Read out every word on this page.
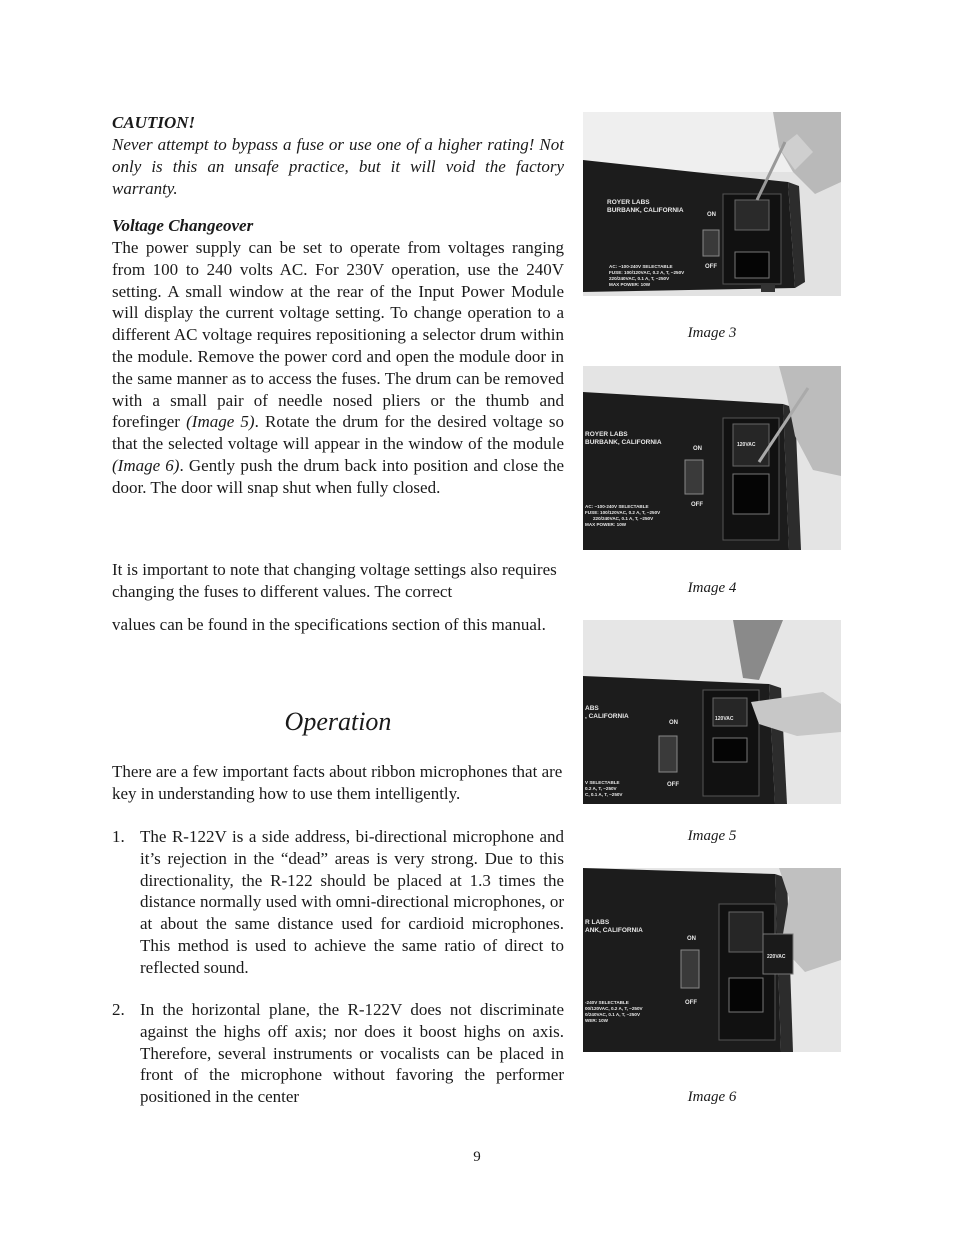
CAUTION!

Never attempt to bypass a fuse or use one of a higher rating! Not only is this an unsafe practice, but it will void the factory warranty.

Voltage Changeover

The power supply can be set to operate from voltages ranging from 100 to 240 volts AC. For 230V operation, use the 240V setting. A small window at the rear of the Input Power Module will display the current voltage setting. To change operation to a different AC voltage requires repositioning a selector drum within the module. Remove the power cord and open the module door in the same manner as to access the fuses. The drum can be removed with a small pair of needle nosed pliers or the thumb and forefinger (Image 5). Rotate the drum for the desired voltage so that the selected voltage will appear in the window of the module (Image 6). Gently push the drum back into position and close the door. The door will snap shut when fully closed.

It is important to note that changing voltage settings also requires changing the fuses to different values. The correct

values can be found in the specifications section of this manual.

Operation

There are a few important facts about ribbon microphones that are key in understanding how to use them intelligently.

1. The R-122V is a side address, bi-directional microphone and it’s rejection in the “dead” areas is very strong. Due to this directionality, the R-122 should be placed at 1.3 times the distance normally used with omni-directional microphones, or at about the same distance used for cardioid microphones. This method is used to achieve the same ratio of direct to reflected sound.
2. In the horizontal plane, the R-122V does not discriminate against the highs off axis; nor does it boost highs on axis. Therefore, several instruments or vocalists can be placed in front of the microphone without favoring the performer positioned in the center
ROYER LABS
BURBANK, CALIFORNIA
ON
OFF
AC: ~100-240V SELECTABLE
FUSE: 100/120VAC, 0.2 A, T, ~250V
220/240VAC, 0.1 A, T, ~250V
MAX POWER: 10W
Image 3
ROYER LABS
BURBANK, CALIFORNIA
ON
OFF
120VAC
AC: ~100-240V SELECTABLE
FUSE: 100/120VAC, 0.2 A, T, ~250V
220/240VAC, 0.1 A, T, ~250V
MAX POWER: 10W
Image 4
ABS
, CALIFORNIA
ON
OFF
120VAC
V SELECTABLE
0.2 A, T, ~250V
C, 0.1 A, T, ~250V
Image 5
R LABS
ANK, CALIFORNIA
ON
OFF
220VAC
-240V SELECTABLE
00/120VAC, 0.2 A, T, ~250V
0/240VAC, 0.1 A, T, ~250V
WER: 10W
Image 6
9
